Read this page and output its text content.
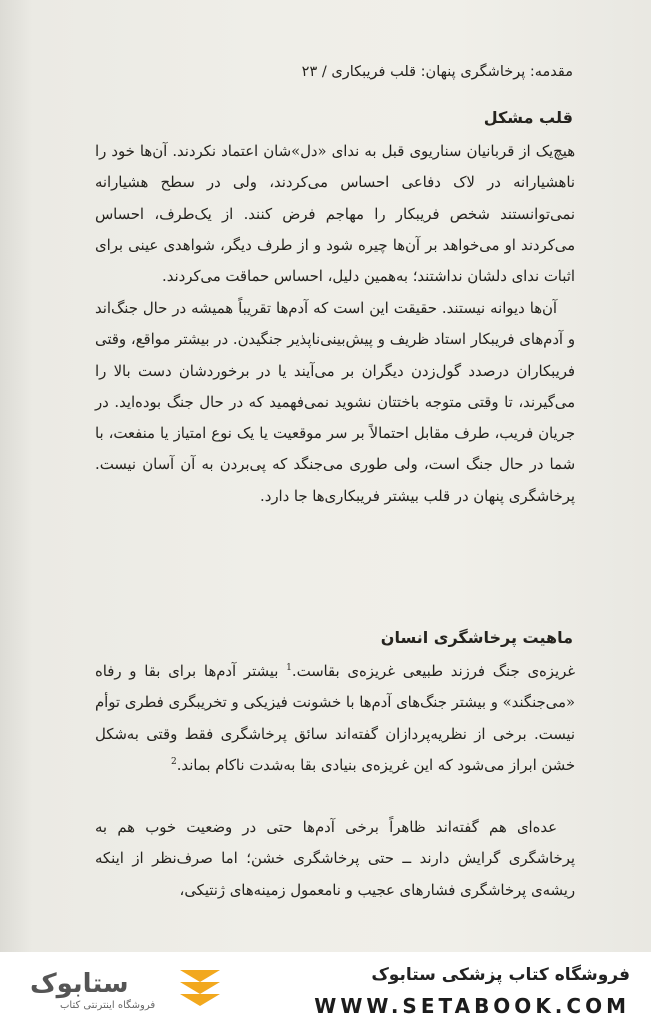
مقدمه: پرخاشگری پنهان: قلب فریبکاری / ۲۳
قلب مشکل

هیچ‌یک از قربانیان سناریوی قبل به ندای «دل»شان اعتماد نکردند. آن‌ها خود را ناهشیارانه در لاک دفاعی احساس می‌کردند، ولی در سطح هشیارانه نمی‌توانستند شخص فریبکار را مهاجم فرض کنند. از یک‌طرف، احساس می‌کردند او می‌خواهد بر آن‌ها چیره شود و از طرف دیگر، شواهدی عینی برای اثبات ندای دلشان نداشتند؛ به‌همین دلیل، احساس حماقت می‌کردند.

آن‌ها دیوانه نیستند. حقیقت این است که آدم‌ها تقریباً همیشه در حال جنگ‌اند و آدم‌های فریبکار استاد ظریف و پیش‌بینی‌ناپذیر جنگیدن. در بیشتر مواقع، وقتی فریبکاران درصدد گول‌زدن دیگران بر می‌آیند یا در برخوردشان دست بالا را می‌گیرند، تا وقتی متوجه باختتان نشوید نمی‌فهمید که در حال جنگ بوده‌اید. در جریان فریب، طرف مقابل احتمالاً بر سر موقعیت یا یک نوع امتیاز یا منفعت، با شما در حال جنگ است، ولی طوری می‌جنگد که پی‌بردن به آن آسان نیست. پرخاشگری پنهان در قلب بیشتر فریبکاری‌ها جا دارد.

ماهیت پرخاشگری انسان

غریزه‌ی جنگ فرزند طبیعی غریزه‌ی بقاست.$^1$ بیشتر آدم‌ها برای بقا و رفاه «می‌جنگند» و بیشتر جنگ‌های آدم‌ها با خشونت فیزیکی و تخریبگری فطری توأم نیست. برخی از نظریه‌پردازان گفته‌اند سائق پرخاشگری فقط وقتی به‌شکل خشن ابراز می‌شود که این غریزه‌ی بنیادی بقا به‌شدت ناکام بماند.$^2$

عده‌ای هم گفته‌اند ظاهراً برخی آدم‌ها حتی در وضعیت خوب هم به پرخاشگری گرایش دارند ــ حتی پرخاشگری خشن؛ اما صرف‌نظر از اینکه ریشه‌ی پرخاشگری فشارهای عجیب و نامعمول زمینه‌های ژنتیکی،

ستابوک
فروشگاه اینترنتی کتاب
فروشگاه کتاب پزشکی ستابوک
WWW.SETABOOK.COM
